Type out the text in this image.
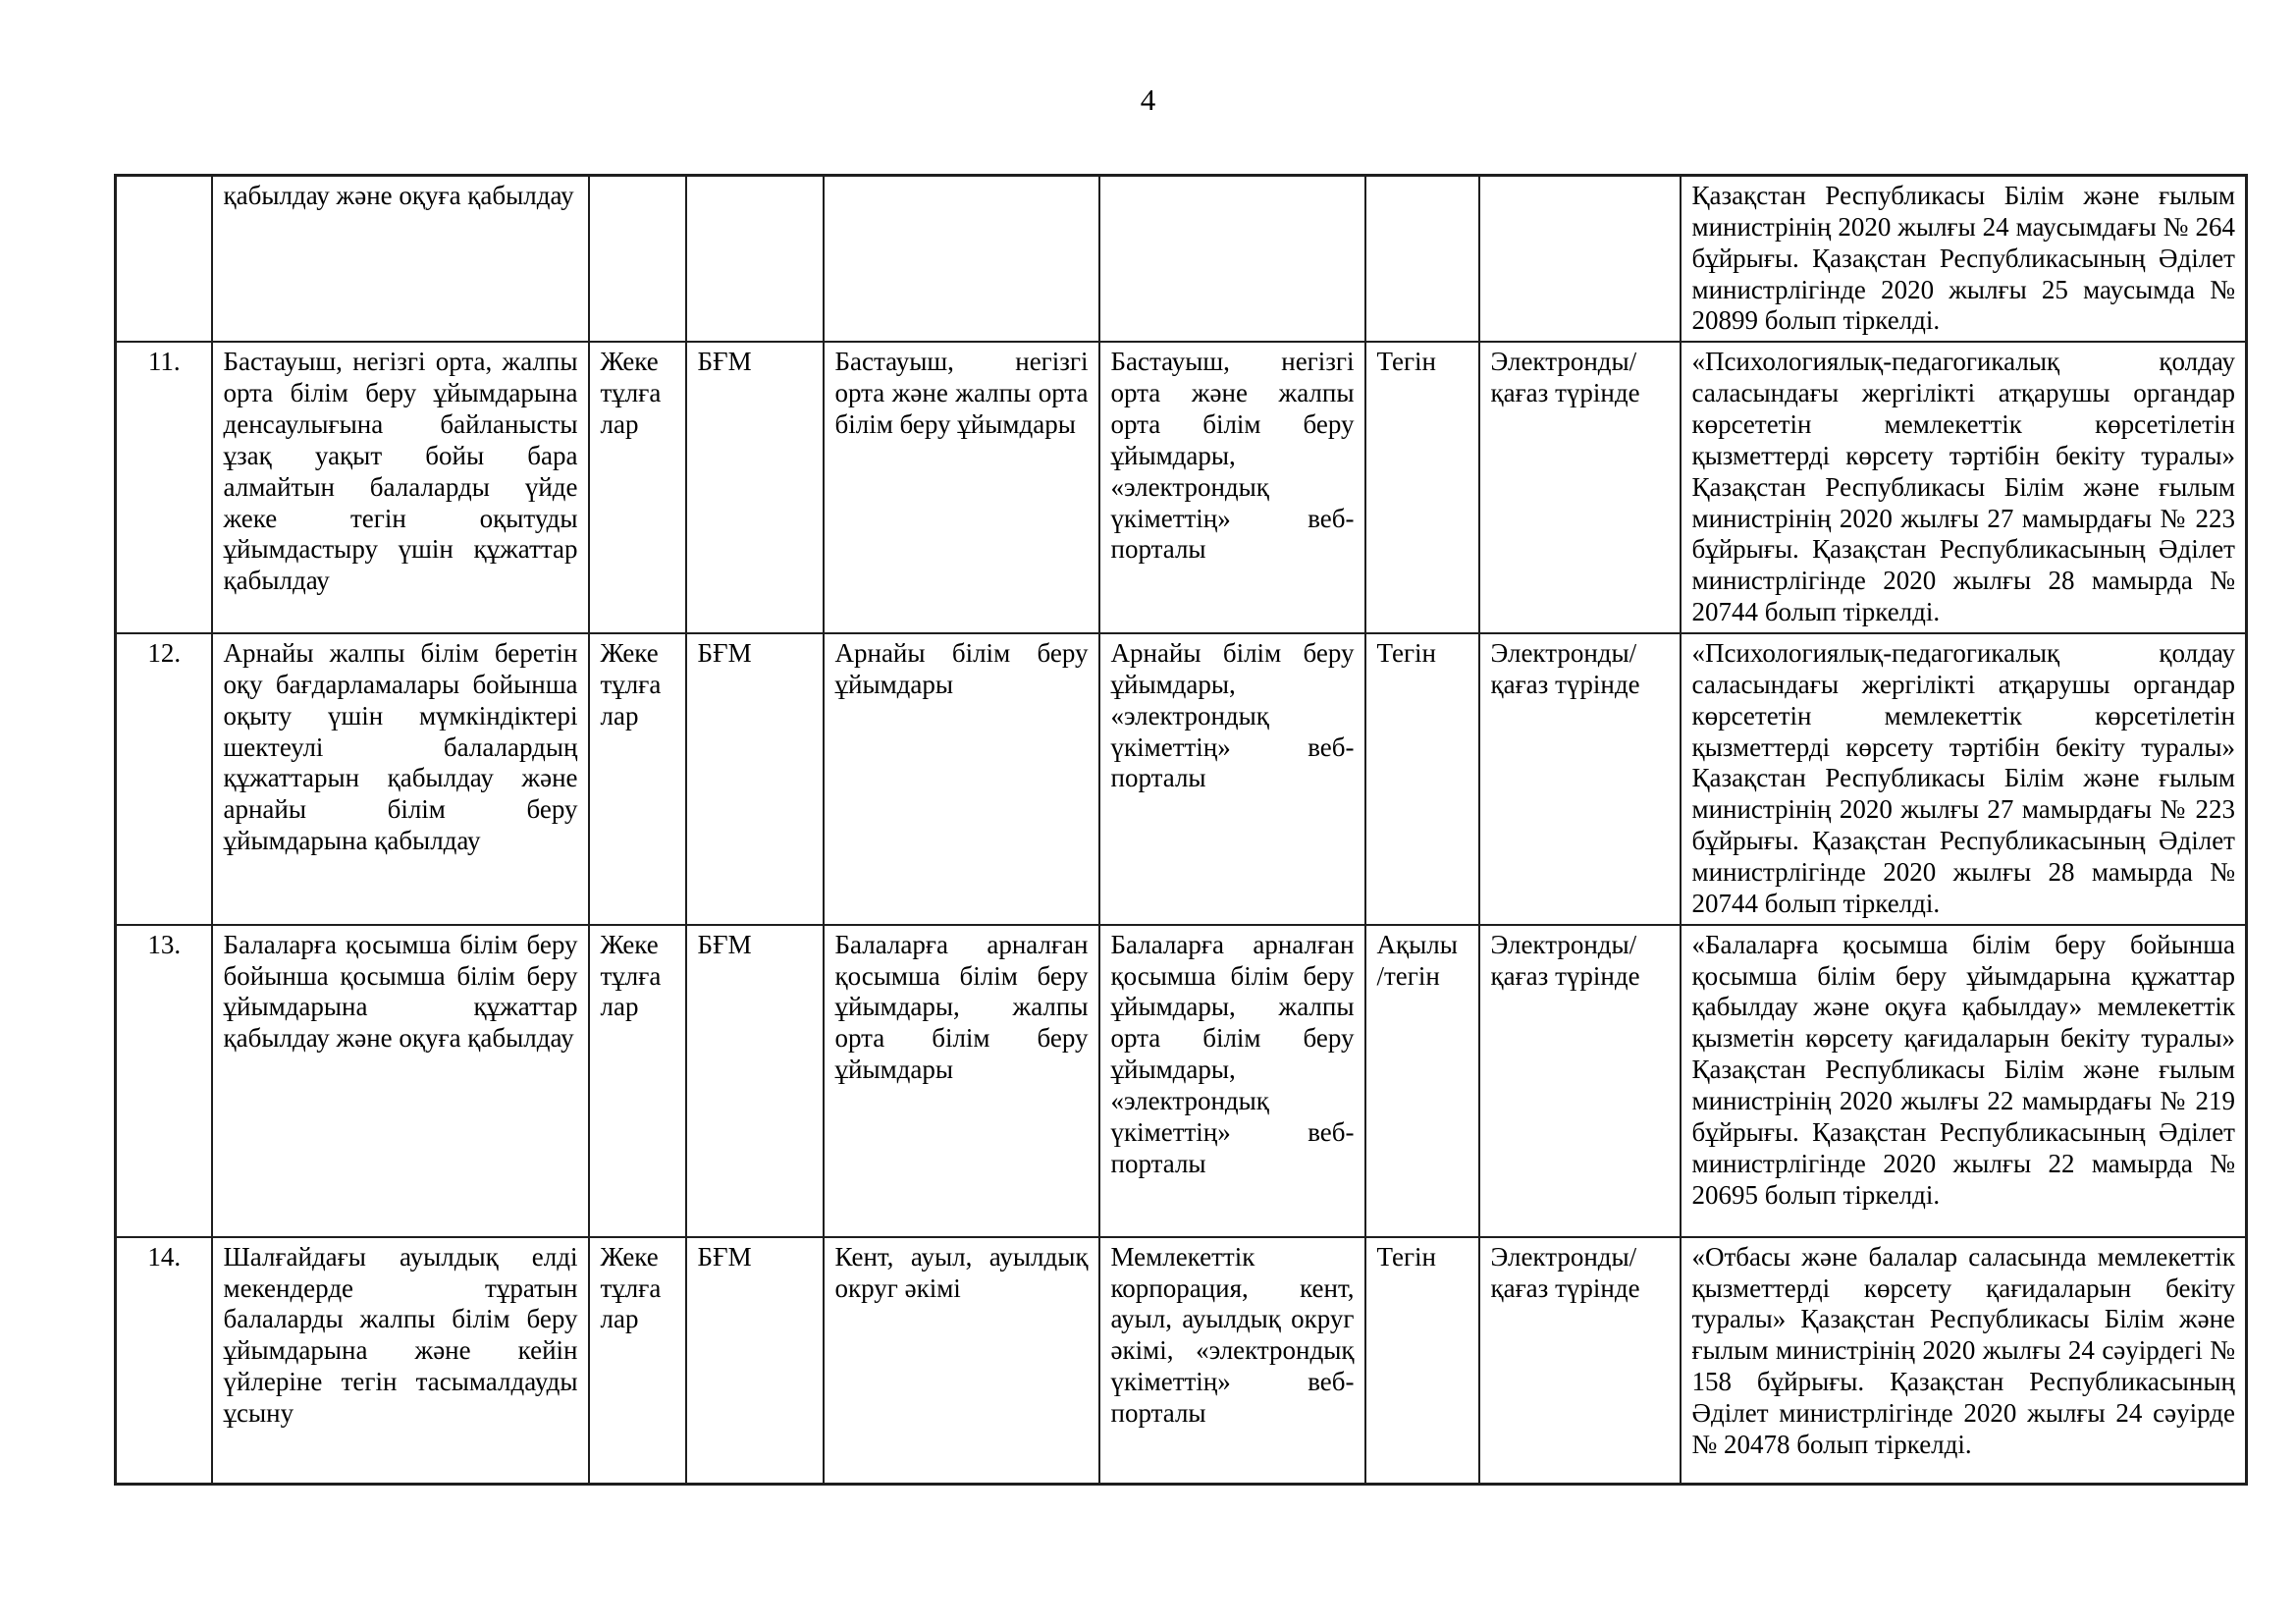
4
	қабылдау және оқуға қабылдау							Қазақстан Республикасы Білім және ғылым министрінің 2020 жылғы 24 маусымдағы № 264 бұйрығы. Қазақстан Республикасының Әділет министрлігінде 2020 жылғы 25 маусымда № 20899 болып тіркелді.
11.	Бастауыш, негізгі орта, жалпы орта білім беру ұйымдарына денсаулығына байланысты ұзақ уақыт бойы бара алмайтын балаларды үйде жеке тегін оқытуды ұйымдастыру үшін құжаттар қабылдау	Жеке тұлға лар	БҒМ	Бастауыш, негізгі орта және жалпы орта білім беру ұйымдары	Бастауыш, негізгі орта және жалпы орта білім беру ұйымдары, «электрондық үкіметтің» веб-порталы	Тегін	Электронды/ қағаз түрінде	«Психологиялық-педагогикалық қолдау саласындағы жергілікті атқарушы органдар көрсететін мемлекеттік көрсетілетін қызметтерді көрсету тәртібін бекіту туралы» Қазақстан Республикасы Білім және ғылым министрінің 2020 жылғы 27 мамырдағы № 223 бұйрығы. Қазақстан Республикасының Әділет министрлігінде 2020 жылғы 28 мамырда № 20744 болып тіркелді.
12.	Арнайы жалпы білім беретін оқу бағдарламалары бойынша оқыту үшін мүмкіндіктері шектеулі балалардың құжаттарын қабылдау және арнайы білім беру ұйымдарына қабылдау	Жеке тұлға лар	БҒМ	Арнайы білім беру ұйымдары	Арнайы білім беру ұйымдары, «электрондық үкіметтің» веб-порталы	Тегін	Электронды/ қағаз түрінде	«Психологиялық-педагогикалық қолдау саласындағы жергілікті атқарушы органдар көрсететін мемлекеттік көрсетілетін қызметтерді көрсету тәртібін бекіту туралы» Қазақстан Республикасы Білім және ғылым министрінің 2020 жылғы 27 мамырдағы № 223 бұйрығы. Қазақстан Республикасының Әділет министрлігінде 2020 жылғы 28 мамырда № 20744 болып тіркелді.
13.	Балаларға қосымша білім беру бойынша қосымша білім беру ұйымдарына құжаттар қабылдау және оқуға қабылдау	Жеке тұлға лар	БҒМ	Балаларға арналған қосымша білім беру ұйымдары, жалпы орта білім беру ұйымдары	Балаларға арналған қосымша білім беру ұйымдары, жалпы орта білім беру ұйымдары, «электрондық үкіметтің» веб-порталы	Ақылы /тегін	Электронды/ қағаз түрінде	«Балаларға қосымша білім беру бойынша қосымша білім беру ұйымдарына құжаттар қабылдау және оқуға қабылдау» мемлекеттік қызметін көрсету қағидаларын бекіту туралы» Қазақстан Республикасы Білім және ғылым министрінің 2020 жылғы 22 мамырдағы № 219 бұйрығы. Қазақстан Республикасының Әділет министрлігінде 2020 жылғы 22 мамырда № 20695 болып тіркелді.
14.	Шалғайдағы ауылдық елді мекендерде тұратын балаларды жалпы білім беру ұйымдарына және кейін үйлеріне тегін тасымалдауды ұсыну	Жеке тұлға лар	БҒМ	Кент, ауыл, ауылдық округ әкімі	Мемлекеттік корпорация, кент, ауыл, ауылдық округ әкімі, «электрондық үкіметтің» веб-порталы	Тегін	Электронды/ қағаз түрінде	«Отбасы және балалар саласында мемлекеттік қызметтерді көрсету қағидаларын бекіту туралы» Қазақстан Республикасы Білім және ғылым министрінің 2020 жылғы 24 сәуірдегі № 158 бұйрығы. Қазақстан Республикасының Әділет министрлігінде 2020 жылғы 24 сәуірде № 20478 болып тіркелді.
